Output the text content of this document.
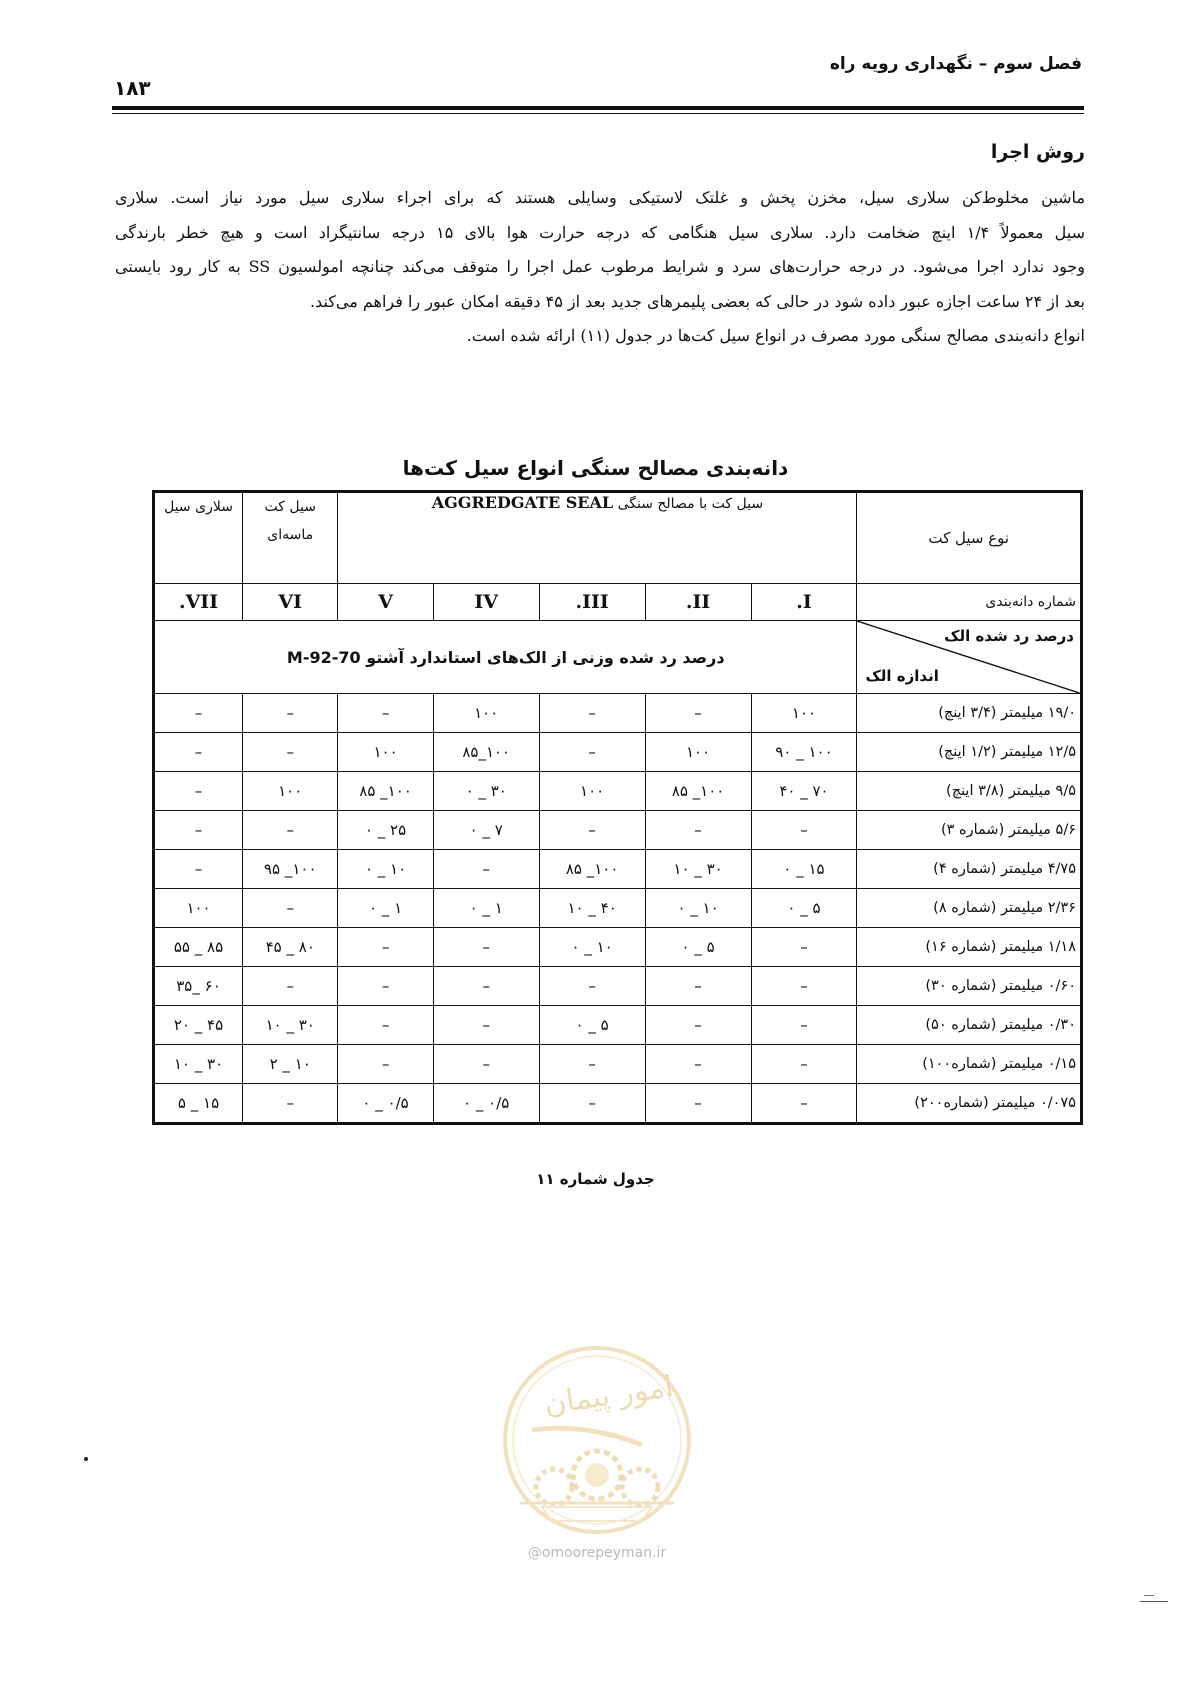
فصل سوم – نگهداری رویه راه
۱۸۳
روش اجرا
ماشین مخلوط‌کن سلاری سیل، مخزن پخش و غلتک لاستیکی وسایلی هستند که برای اجراء سلاری سیل مورد نیاز است. سلاری
سیل معمولاً ۱/۴ اینچ ضخامت دارد. سلاری سیل هنگامی که درجه حرارت هوا بالای ۱۵ درجه سانتیگراد است و هیچ خطر بارندگی
وجود ندارد اجرا می‌شود. در درجه حرارت‌های سرد و شرایط مرطوب عمل اجرا را متوقف می‌کند چنانچه امولسیون SS به کار رود بایستی
بعد از ۲۴ ساعت اجازه عبور داده شود در حالی که بعضی پلیمرهای جدید بعد از ۴۵ دقیقه امکان عبور را فراهم می‌کند.
انواع دانه‌بندی مصالح سنگی مورد مصرف در انواع سیل کت‌ها در جدول (۱۱) ارائه شده است.
دانه‌بندی مصالح سنگی انواع سیل کت‌ها
نوع سیل کت	سیل کت با مصالح سنگی AGGREDGATE SEAL					سیل کت ماسه‌ای	سلاری سیل
شماره دانه‌بندی	I.	II.	III.	IV	V	VI	VII.

درصد رد شده الک
اندازه الک	درصد رد شده وزنی از الک‌های استاندارد آشتو M-92-70						
۱۹/۰ میلیمتر (۳/۴ اینچ)	۱۰۰	–	–	۱۰۰	–	–	–
۱۲/۵ میلیمتر (۱/۲ اینچ)	۱۰۰ _ ۹۰	۱۰۰	–	۱۰۰_۸۵	۱۰۰	–	–
۹/۵ میلیمتر (۳/۸ اینچ)	۷۰ _ ۴۰	۱۰۰_ ۸۵	۱۰۰	۳۰ _ ۰	۱۰۰_ ۸۵	۱۰۰	–
۵/۶ میلیمتر (شماره ۳)	–	–	–	۷ _ ۰	۲۵ _ ۰	–	–
۴/۷۵ میلیمتر (شماره ۴)	۱۵ _ ۰	۳۰ _ ۱۰	۱۰۰_ ۸۵	–	۱۰ _ ۰	۱۰۰_ ۹۵	–
۲/۳۶ میلیمتر (شماره ۸)	۵ _ ۰	۱۰ _ ۰	۴۰ _ ۱۰	۱ _ ۰	۱ _ ۰	–	۱۰۰
۱/۱۸ میلیمتر (شماره ۱۶)	–	۵ _ ۰	۱۰ _ ۰	–	–	۸۰ _ ۴۵	۸۵ _ ۵۵
۰/۶۰ میلیمتر (شماره ۳۰)	–	–	–	–	–	–	۶۰ _۳۵
۰/۳۰ میلیمتر (شماره ۵۰)	–	–	۵ _ ۰	–	–	۳۰ _ ۱۰	۴۵ _ ۲۰
۰/۱۵ میلیمتر (شماره۱۰۰)	–	–	–	–	–	۱۰ _ ۲	۳۰ _ ۱۰
۰/۰۷۵ میلیمتر (شماره۲۰۰)	–	–	–	۰/۵ _ ۰	۰/۵ _ ۰	–	۱۵ _ ۵
جدول شماره ۱۱
امور پیمان
@omoorepeyman.ir
